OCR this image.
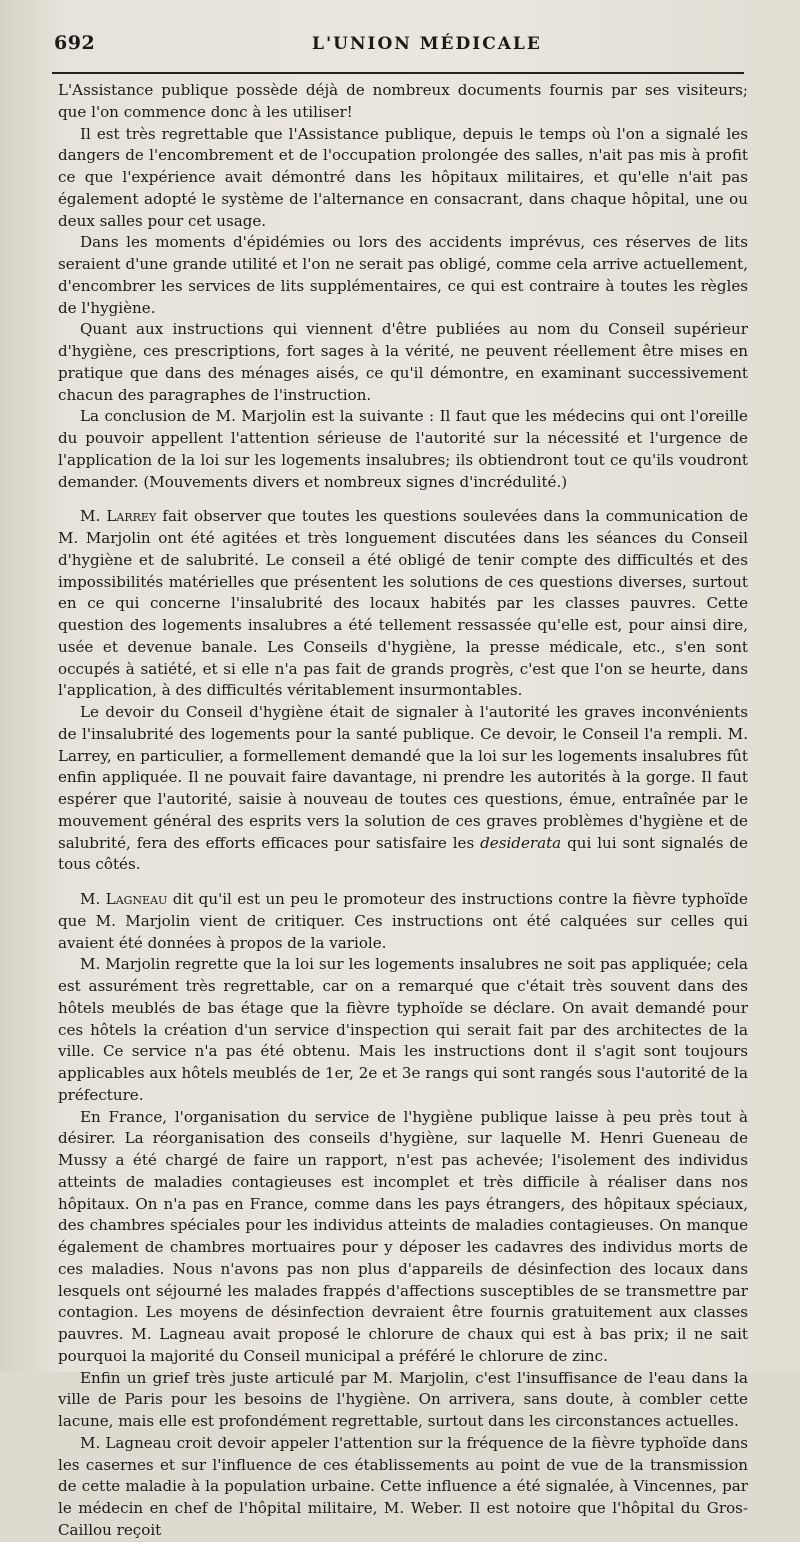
692	L'UNION MÉDICALE

L'Assistance publique possède déjà de nombreux documents fournis par ses visiteurs; que l'on commence donc à les utiliser!

Il est très regrettable que l'Assistance publique, depuis le temps où l'on a signalé les dangers de l'encombrement et de l'occupation prolongée des salles, n'ait pas mis à profit ce que l'expérience avait démontré dans les hôpitaux militaires, et qu'elle n'ait pas également adopté le système de l'alternance en consacrant, dans chaque hôpital, une ou deux salles pour cet usage.

Dans les moments d'épidémies ou lors des accidents imprévus, ces réserves de lits seraient d'une grande utilité et l'on ne serait pas obligé, comme cela arrive actuellement, d'encombrer les services de lits supplémentaires, ce qui est contraire à toutes les règles de l'hygiène.

Quant aux instructions qui viennent d'être publiées au nom du Conseil supérieur d'hygiène, ces prescriptions, fort sages à la vérité, ne peuvent réellement être mises en pratique que dans des ménages aisés, ce qu'il démontre, en examinant successivement chacun des paragraphes de l'instruction.

La conclusion de M. Marjolin est la suivante : Il faut que les médecins qui ont l'oreille du pouvoir appellent l'attention sérieuse de l'autorité sur la nécessité et l'urgence de l'application de la loi sur les logements insalubres; ils obtiendront tout ce qu'ils voudront demander. (Mouvements divers et nombreux signes d'incrédulité.)

M. Larrey fait observer que toutes les questions soulevées dans la communication de M. Marjolin ont été agitées et très longuement discutées dans les séances du Conseil d'hygiène et de salubrité. Le conseil a été obligé de tenir compte des difficultés et des impossibilités matérielles que présentent les solutions de ces questions diverses, surtout en ce qui concerne l'insalubrité des locaux habités par les classes pauvres. Cette question des logements insalubres a été tellement ressassée qu'elle est, pour ainsi dire, usée et devenue banale. Les Conseils d'hygiène, la presse médicale, etc., s'en sont occupés à satiété, et si elle n'a pas fait de grands progrès, c'est que l'on se heurte, dans l'application, à des difficultés véritablement insurmontables.

Le devoir du Conseil d'hygiène était de signaler à l'autorité les graves inconvénients de l'insalubrité des logements pour la santé publique. Ce devoir, le Conseil l'a rempli. M. Larrey, en particulier, a formellement demandé que la loi sur les logements insalubres fût enfin appliquée. Il ne pouvait faire davantage, ni prendre les autorités à la gorge. Il faut espérer que l'autorité, saisie à nouveau de toutes ces questions, émue, entraînée par le mouvement général des esprits vers la solution de ces graves problèmes d'hygiène et de salubrité, fera des efforts efficaces pour satisfaire les desiderata qui lui sont signalés de tous côtés.

M. Lagneau dit qu'il est un peu le promoteur des instructions contre la fièvre typhoïde que M. Marjolin vient de critiquer. Ces instructions ont été calquées sur celles qui avaient été données à propos de la variole.

M. Marjolin regrette que la loi sur les logements insalubres ne soit pas appliquée; cela est assurément très regrettable, car on a remarqué que c'était très souvent dans des hôtels meublés de bas étage que la fièvre typhoïde se déclare. On avait demandé pour ces hôtels la création d'un service d'inspection qui serait fait par des architectes de la ville. Ce service n'a pas été obtenu. Mais les instructions dont il s'agit sont toujours applicables aux hôtels meublés de 1er, 2e et 3e rangs qui sont rangés sous l'autorité de la préfecture.

En France, l'organisation du service de l'hygiène publique laisse à peu près tout à désirer. La réorganisation des conseils d'hygiène, sur laquelle M. Henri Gueneau de Mussy a été chargé de faire un rapport, n'est pas achevée; l'isolement des individus atteints de maladies contagieuses est incomplet et très difficile à réaliser dans nos hôpitaux. On n'a pas en France, comme dans les pays étrangers, des hôpitaux spéciaux, des chambres spéciales pour les individus atteints de maladies contagieuses. On manque également de chambres mortuaires pour y déposer les cadavres des individus morts de ces maladies. Nous n'avons pas non plus d'appareils de désinfection des locaux dans lesquels ont séjourné les malades frappés d'affections susceptibles de se transmettre par contagion. Les moyens de désinfection devraient être fournis gratuitement aux classes pauvres. M. Lagneau avait proposé le chlorure de chaux qui est à bas prix; il ne sait pourquoi la majorité du Conseil municipal a préféré le chlorure de zinc.

Enfin un grief très juste articulé par M. Marjolin, c'est l'insuffisance de l'eau dans la ville de Paris pour les besoins de l'hygiène. On arrivera, sans doute, à combler cette lacune, mais elle est profondément regrettable, surtout dans les circonstances actuelles.

M. Lagneau croit devoir appeler l'attention sur la fréquence de la fièvre typhoïde dans les casernes et sur l'influence de ces établissements au point de vue de la transmission de cette maladie à la population urbaine. Cette influence a été signalée, à Vincennes, par le médecin en chef de l'hôpital militaire, M. Weber. Il est notoire que l'hôpital du Gros-Caillou reçoit
